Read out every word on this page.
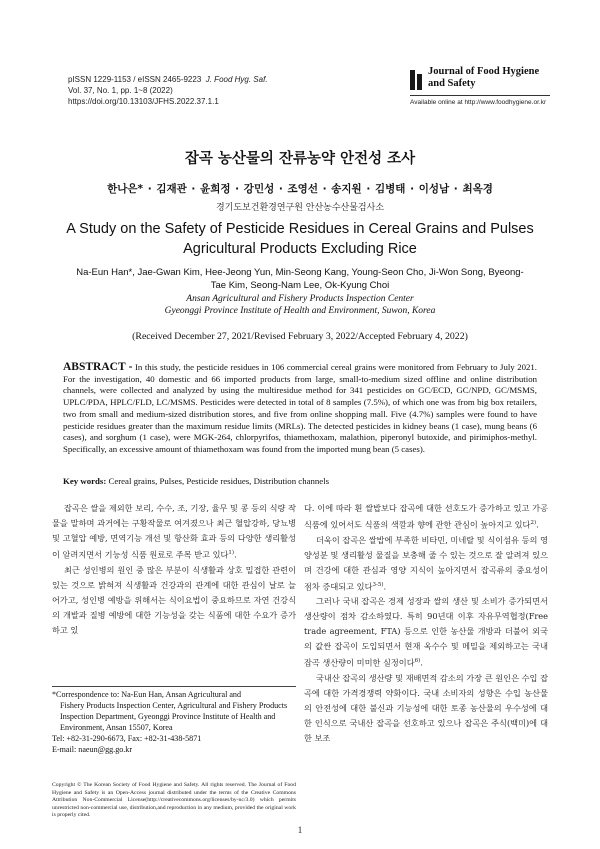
pISSN 1229-1153 / eISSN 2465-9223 J. Food Hyg. Saf.
Vol. 37, No. 1, pp. 1~8 (2022)
https://doi.org/10.13103/JFHS.2022.37.1.1
Journal of Food Hygiene and Safety
Available online at http://www.foodhygiene.or.kr
잡곡 농산물의 잔류농약 안전성 조사
한나은* · 김재관 · 윤희정 · 강민성 · 조영선 · 송지원 · 김병태 · 이성남 · 최옥경
경기도보건환경연구원 안산농수산물검사소
A Study on the Safety of Pesticide Residues in Cereal Grains and Pulses Agricultural Products Excluding Rice
Na-Eun Han*, Jae-Gwan Kim, Hee-Jeong Yun, Min-Seong Kang, Young-Seon Cho, Ji-Won Song, Byeong-Tae Kim, Seong-Nam Lee, Ok-Kyung Choi
Ansan Agricultural and Fishery Products Inspection Center
Gyeonggi Province Institute of Health and Environment, Suwon, Korea
(Received December 27, 2021/Revised February 3, 2022/Accepted February 4, 2022)
ABSTRACT - In this study, the pesticide residues in 106 commercial cereal grains were monitored from February to July 2021. For the investigation, 40 domestic and 66 imported products from large, small-to-medium sized offline and online distribution channels, were collected and analyzed by using the multiresidue method for 341 pesticides on GC/ECD, GC/NPD, GC/MSMS, UPLC/PDA, HPLC/FLD, LC/MSMS. Pesticides were detected in total of 8 samples (7.5%), of which one was from big box retailers, two from small and medium-sized distribution stores, and five from online shopping mall. Five (4.7%) samples were found to have pesticide residues greater than the maximum residue limits (MRLs). The detected pesticides in kidney beans (1 case), mung beans (6 cases), and sorghum (1 case), were MGK-264, chlorpyrifos, thiamethoxam, malathion, piperonyl butoxide, and pirimiphos-methyl. Specifically, an excessive amount of thiamethoxam was found from the imported mung bean (5 cases).
Key words: Cereal grains, Pulses, Pesticide residues, Distribution channels

잡곡은 쌀을 제외한 보리, 수수, 조, 기장, 율무 및 콩 등의 식량 작물을 말하며 과거에는 구황작물로 여겨졌으나 최근 혈압강하, 당뇨병 및 고혈압 예방, 면역기능 개선 및 항산화 효과 등의 다양한 생리활성이 알려지면서 기능성 식품 원료로 주목 받고 있다$^{1)}$.

최근 성인병의 원인 중 많은 부분이 식생활과 상호 밀접한 관련이 있는 것으로 밝혀져 식생활과 건강과의 관계에 대한 관심이 날로 늘어가고, 성인병 예방을 위해서는 식이요법이 중요하므로 자연 건강식의 개발과 질병 예방에 대한 기능성을 갖는 식품에 대한 수요가 증가하고 있

다. 이에 따라 흰 쌀밥보다 잡곡에 대한 선호도가 증가하고 있고 가공식품에 있어서도 식품의 색깔과 향에 관한 관심이 높아지고 있다$^{2)}$.

더욱이 잡곡은 쌀밥에 부족한 비타민, 미네랄 및 식이섬유 등의 영양성분 및 생리활성 물질을 보충해 줄 수 있는 것으로 잘 알려져 있으며 건강에 대한 관심과 영양 지식이 높아지면서 잡곡류의 중요성이 점차 증대되고 있다$^{3-5)}$.

그러나 국내 잡곡은 경제 성장과 쌀의 생산 및 소비가 증가되면서 생산량이 점차 감소하였다. 특히 90년대 이후 자유무역협정(Free trade agreement, FTA) 등으로 인한 농산물 개방과 더불어 외국의 값싼 잡곡이 도입되면서 현재 옥수수 및 메밀을 제외하고는 국내 잡곡 생산량이 미미한 실정이다$^{6)}$.

국내산 잡곡의 생산량 및 재배면적 감소의 가장 큰 원인은 수입 잡곡에 대한 가격경쟁력 약화이다. 국내 소비자의 성향은 수입 농산물의 안전성에 대한 불신과 기능성에 대한 토종 농산물의 우수성에 대한 인식으로 국내산 잡곡을 선호하고 있으나 잡곡은 주식(백미)에 대한 보조

*Correspondence to: Na-Eun Han, Ansan Agricultural and
Fishery Products Inspection Center, Agricultural and Fishery Products Inspection Department, Gyeonggi Province Institute of Health and Environment, Ansan 15507, Korea
Tel: +82-31-290-6673, Fax: +82-31-438-5871
E-mail: naeun@gg.go.kr
Copyright © The Korean Society of Food Hygiene and Safety. All rights reserved. The Journal of Food Hygiene and Safety is an Open-Access journal distributed under the terms of the Creative Commons Attribution Non-Commercial License(http://creativecommons.org/licenses/by-nc/3.0) which permits unrestricted non-commercial use, distribution,and reproduction in any medium, provided the original work is properly cited.
1
